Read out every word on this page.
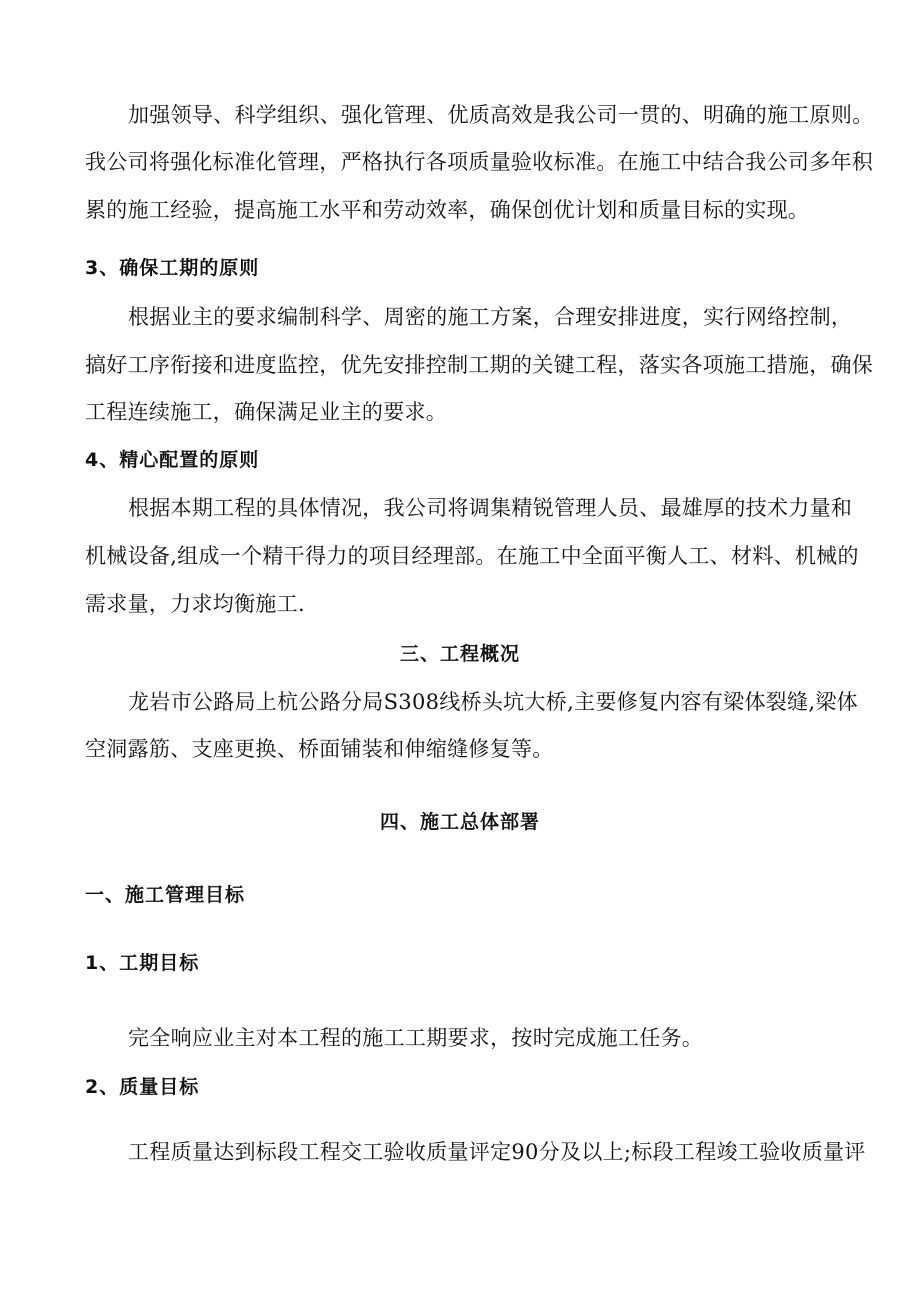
加强领导、科学组织、强化管理、优质高效是我公司一贯的、明确的施工原则。
我公司将强化标准化管理，严格执行各项质量验收标准。在施工中结合我公司多年积
累的施工经验，提高施工水平和劳动效率，确保创优计划和质量目标的实现。
3、确保工期的原则
根据业主的要求编制科学、周密的施工方案，合理安排进度，实行网络控制，
搞好工序衔接和进度监控，优先安排控制工期的关键工程，落实各项施工措施，确保
工程连续施工，确保满足业主的要求。
4、精心配置的原则
根据本期工程的具体情况，我公司将调集精锐管理人员、最雄厚的技术力量和
机械设备,组成一个精干得力的项目经理部。在施工中全面平衡人工、材料、机械的
需求量，力求均衡施工.
三、工程概况
龙岩市公路局上杭公路分局S308线桥头坑大桥,主要修复内容有梁体裂缝,梁体
空洞露筋、支座更换、桥面铺装和伸缩缝修复等。
四、施工总体部署
一、施工管理目标
1、工期目标
完全响应业主对本工程的施工工期要求，按时完成施工任务。
2、质量目标
工程质量达到标段工程交工验收质量评定90分及以上;标段工程竣工验收质量评
